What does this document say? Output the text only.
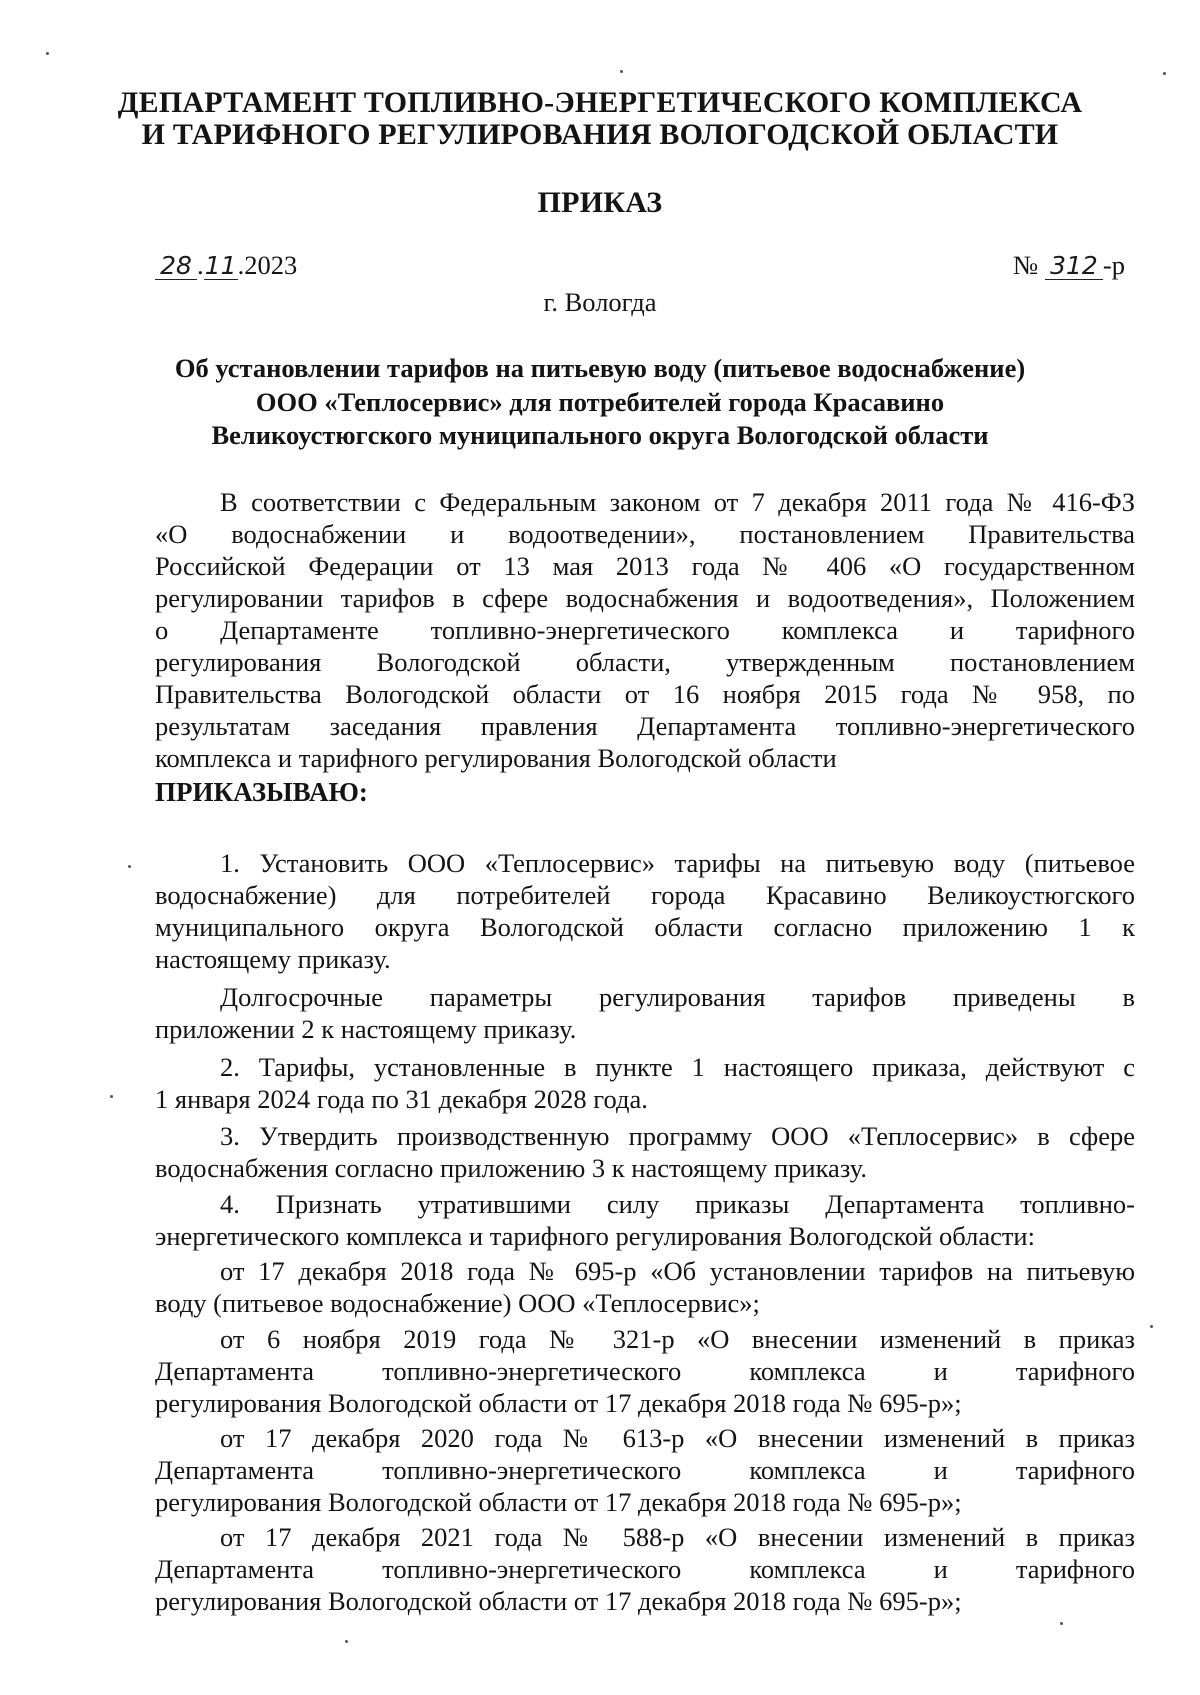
ДЕПАРТАМЕНТ ТОПЛИВНО-ЭНЕРГЕТИЧЕСКОГО КОМПЛЕКСА
И ТАРИФНОГО РЕГУЛИРОВАНИЯ ВОЛОГОДСКОЙ ОБЛАСТИ
ПРИКАЗ
28 .11.2023	№ 312 -р
г. Вологда
Об установлении тарифов на питьевую воду (питьевое водоснабжение)
ООО «Теплосервис» для потребителей города Красавино
Великоустюгского муниципального округа Вологодской области
В соответствии с Федеральным законом от 7 декабря 2011 года № 416-ФЗ
«О водоснабжении и водоотведении», постановлением Правительства
Российской Федерации от 13 мая 2013 года № 406 «О государственном
регулировании тарифов в сфере водоснабжения и водоотведения», Положением
о Департаменте топливно-энергетического комплекса и тарифного
регулирования Вологодской области, утвержденным постановлением
Правительства Вологодской области от 16 ноября 2015 года № 958, по
результатам заседания правления Департамента топливно-энергетического
комплекса и тарифного регулирования Вологодской области
ПРИКАЗЫВАЮ:
1. Установить ООО «Теплосервис» тарифы на питьевую воду (питьевое
водоснабжение) для потребителей города Красавино Великоустюгского
муниципального округа Вологодской области согласно приложению 1 к
настоящему приказу.
Долгосрочные параметры регулирования тарифов приведены в
приложении 2 к настоящему приказу.
2. Тарифы, установленные в пункте 1 настоящего приказа, действуют с
1 января 2024 года по 31 декабря 2028 года.
3. Утвердить производственную программу ООО «Теплосервис» в сфере
водоснабжения согласно приложению 3 к настоящему приказу.
4. Признать утратившими силу приказы Департамента топливно-
энергетического комплекса и тарифного регулирования Вологодской области:
от 17 декабря 2018 года № 695-р «Об установлении тарифов на питьевую
воду (питьевое водоснабжение) ООО «Теплосервис»;
от 6 ноября 2019 года № 321-р «О внесении изменений в приказ
Департамента топливно-энергетического комплекса и тарифного
регулирования Вологодской области от 17 декабря 2018 года № 695-р»;
от 17 декабря 2020 года № 613-р «О внесении изменений в приказ
Департамента топливно-энергетического комплекса и тарифного
регулирования Вологодской области от 17 декабря 2018 года № 695-р»;
от 17 декабря 2021 года № 588-р «О внесении изменений в приказ
Департамента топливно-энергетического комплекса и тарифного
регулирования Вологодской области от 17 декабря 2018 года № 695-р»;
